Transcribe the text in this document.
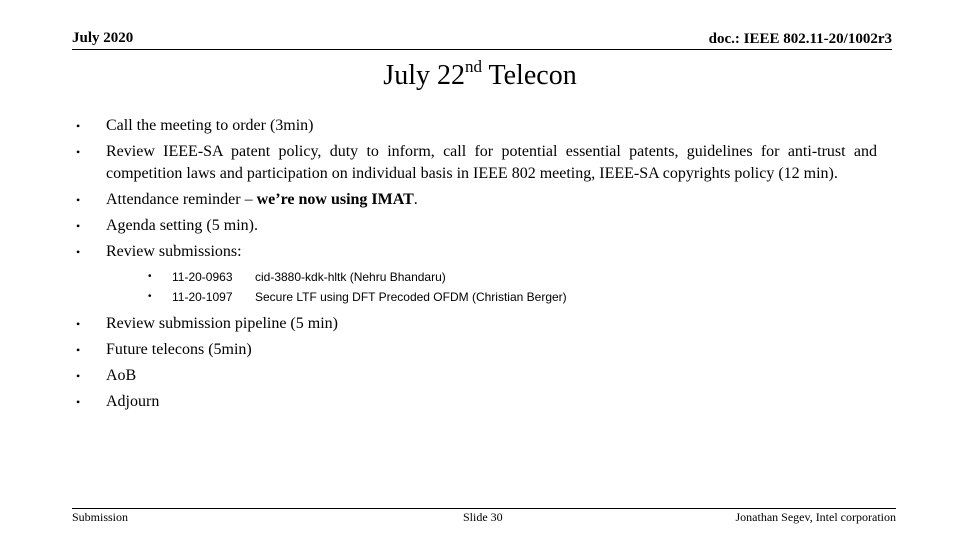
July 2020	doc.: IEEE 802.11-20/1002r3
July 22nd Telecon
• Call the meeting to order (3min)
• Review IEEE-SA patent policy, duty to inform, call for potential essential patents, guidelines for anti-trust and competition laws and participation on individual basis in IEEE 802 meeting, IEEE-SA copyrights policy (12 min).
• Attendance reminder – we’re now using IMAT.
• Agenda setting (5 min).
• Review submissions:
• 11-20-0963 cid-3880-kdk-hltk (Nehru Bhandaru)
• 11-20-1097 Secure LTF using DFT Precoded OFDM (Christian Berger)
• Review submission pipeline (5 min)
• Future telecons (5min)
• AoB
• Adjourn
Submission	Slide 30	Jonathan Segev, Intel corporation
